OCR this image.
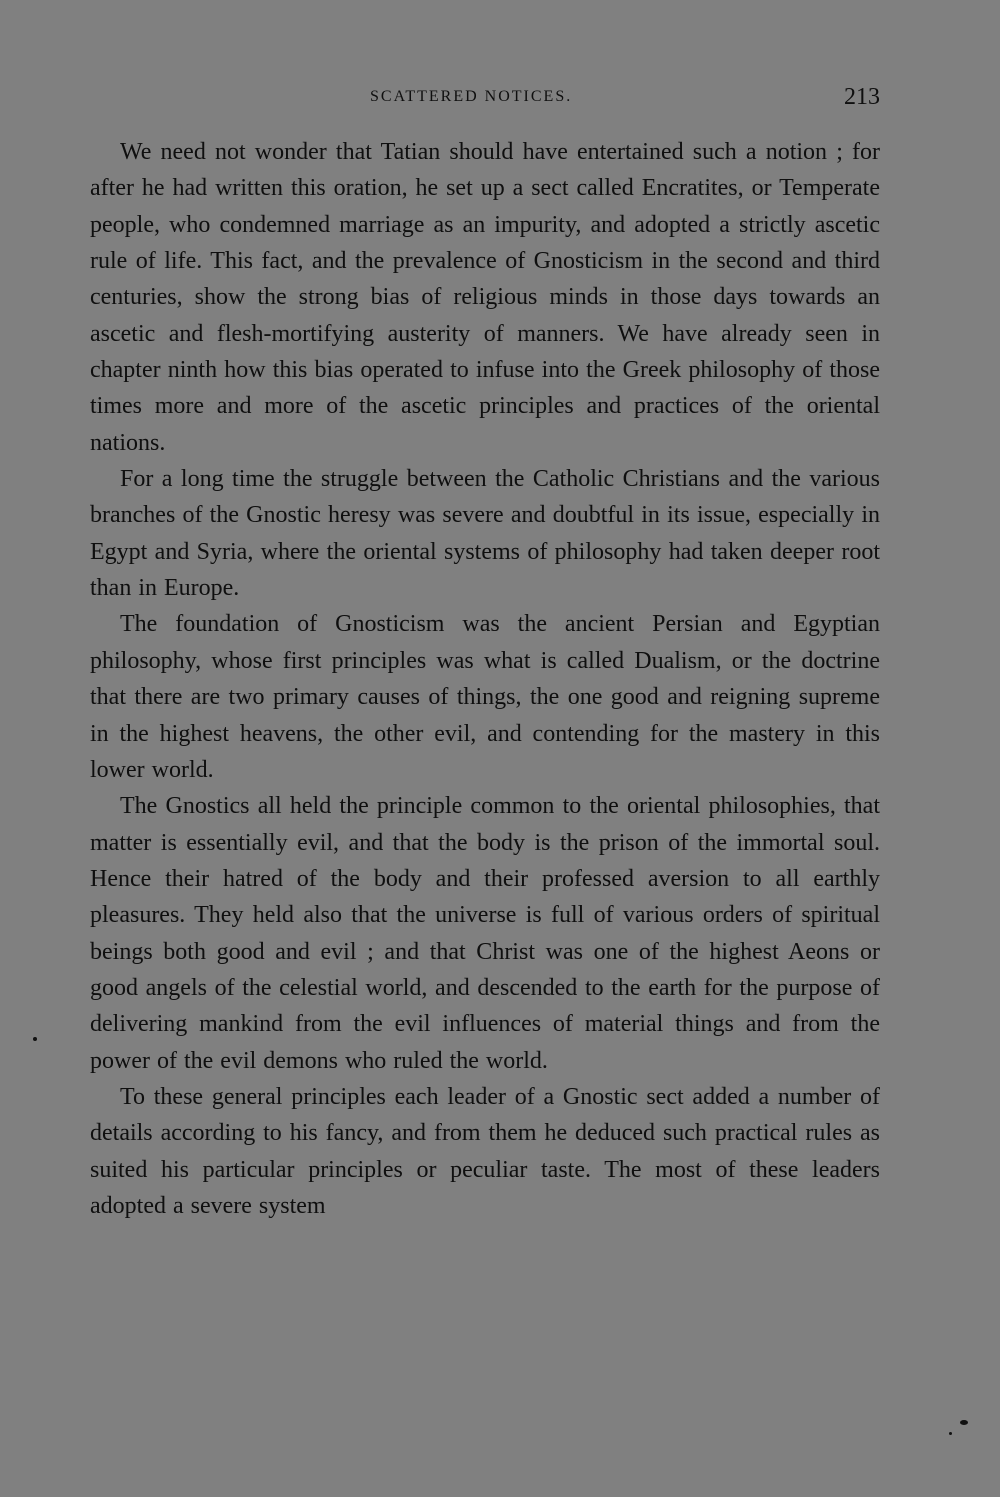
SCATTERED NOTICES.	213

We need not wonder that Tatian should have entertained such a notion ; for after he had written this oration, he set up a sect called Encratites, or Temperate people, who condemned marriage as an impurity, and adopted a strictly ascetic rule of life. This fact, and the prevalence of Gnosticism in the second and third centuries, show the strong bias of religious minds in those days towards an ascetic and flesh-mortifying austerity of manners. We have already seen in chapter ninth how this bias operated to infuse into the Greek philosophy of those times more and more of the ascetic principles and practices of the oriental nations.

For a long time the struggle between the Catholic Christians and the various branches of the Gnostic heresy was severe and doubtful in its issue, especially in Egypt and Syria, where the oriental systems of philosophy had taken deeper root than in Europe.

The foundation of Gnosticism was the ancient Persian and Egyptian philosophy, whose first principles was what is called Dualism, or the doctrine that there are two primary causes of things, the one good and reigning supreme in the highest heavens, the other evil, and contending for the mastery in this lower world.

The Gnostics all held the principle common to the oriental philosophies, that matter is essentially evil, and that the body is the prison of the immortal soul. Hence their hatred of the body and their professed aversion to all earthly pleasures. They held also that the universe is full of various orders of spiritual beings both good and evil ; and that Christ was one of the highest Aeons or good angels of the celestial world, and descended to the earth for the purpose of delivering mankind from the evil influences of material things and from the power of the evil demons who ruled the world.

To these general principles each leader of a Gnostic sect added a number of details according to his fancy, and from them he deduced such practical rules as suited his particular principles or peculiar taste. The most of these leaders adopted a severe system
